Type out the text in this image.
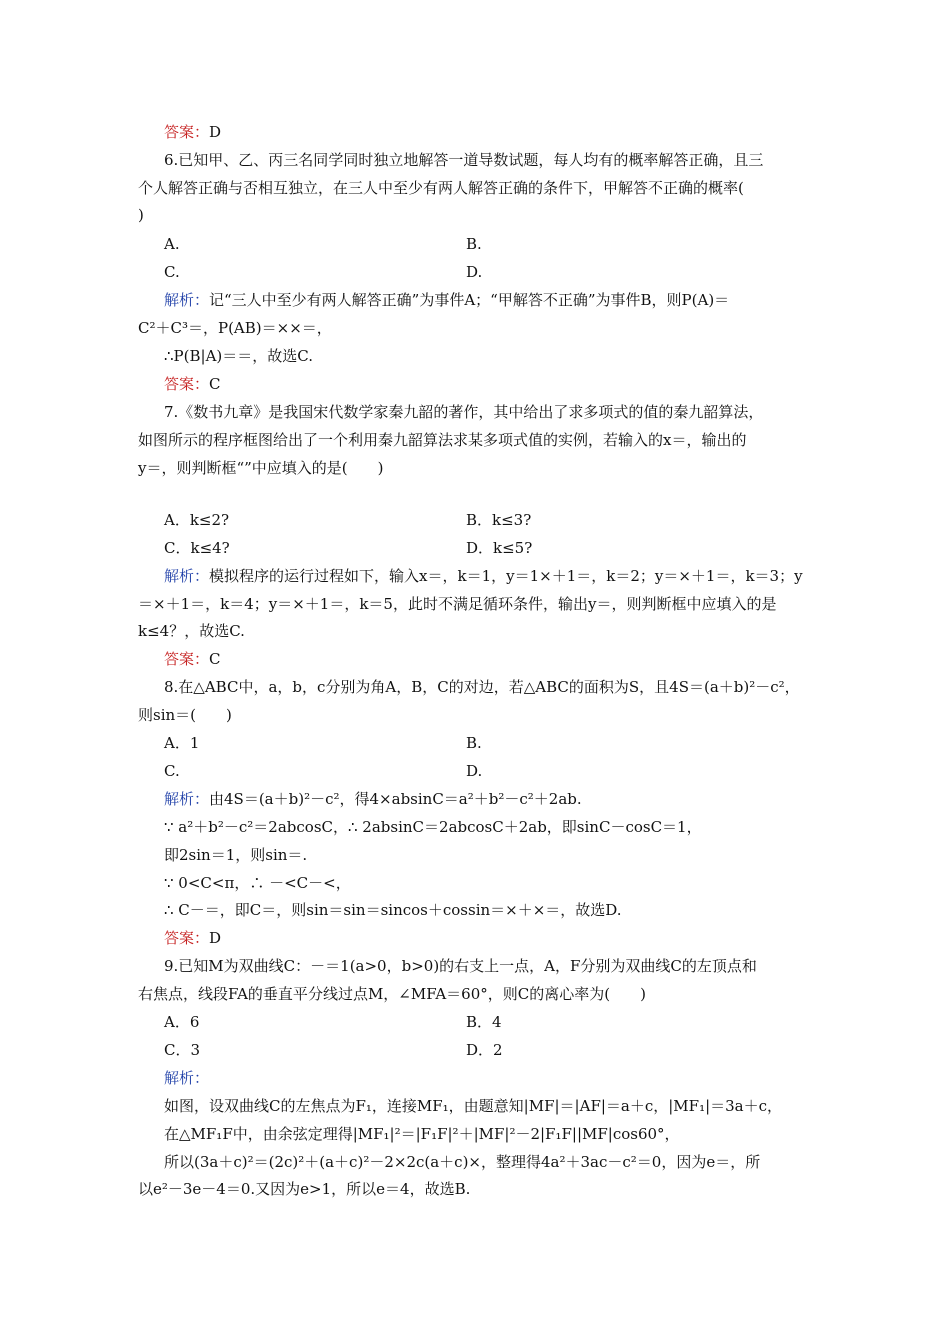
答案：D
6.已知甲、乙、丙三名同学同时独立地解答一道导数试题，每人均有的概率解答正确，且三
个人解答正确与否相互独立，在三人中至少有两人解答正确的条件下，甲解答不正确的概率(
)
A.	B.
C.	D.
解析：记“三人中至少有两人解答正确”为事件A；“甲解答不正确”为事件B，则P(A)＝
C²＋C³＝，P(AB)＝××＝，
∴P(B|A)＝＝，故选C.
答案：C
7.《数书九章》是我国宋代数学家秦九韶的著作，其中给出了求多项式的值的秦九韶算法，
如图所示的程序框图给出了一个利用秦九韶算法求某多项式值的实例，若输入的x＝，输出的
y＝，则判断框“”中应填入的是(　　)
A．k≤2?	B．k≤3?
C．k≤4?	D．k≤5?
解析：模拟程序的运行过程如下，输入x＝，k＝1，y＝1×＋1＝，k＝2；y＝×＋1＝，k＝3；y
＝×＋1＝，k＝4；y＝×＋1＝，k＝5，此时不满足循环条件，输出y＝，则判断框中应填入的是
k≤4？，故选C.
答案：C
8.在△ABC中，a，b，c分别为角A，B，C的对边，若△ABC的面积为S，且4S＝(a＋b)²－c²，
则sin＝(　　)
A．1	B.
C.	D.
解析：由4S＝(a＋b)²－c²，得4×absinC＝a²＋b²－c²＋2ab.
∵ a²＋b²－c²＝2abcosC，∴ 2absinC＝2abcosC＋2ab，即sinC－cosC＝1，
即2sin＝1，则sin＝.
∵ 0<C<π，∴ －<C－<，
∴ C－＝，即C＝，则sin＝sin＝sincos＋cossin＝×＋×＝，故选D.
答案：D
9.已知M为双曲线C：－＝1(a>0，b>0)的右支上一点，A，F分别为双曲线C的左顶点和
右焦点，线段FA的垂直平分线过点M，∠MFA＝60°，则C的离心率为(　　)
A．6	B．4
C．3	D．2
解析：
如图，设双曲线C的左焦点为F₁，连接MF₁，由题意知|MF|＝|AF|＝a＋c，|MF₁|＝3a＋c，
在△MF₁F中，由余弦定理得|MF₁|²＝|F₁F|²＋|MF|²－2|F₁F||MF|cos60°，
所以(3a＋c)²＝(2c)²＋(a＋c)²－2×2c(a＋c)×，整理得4a²＋3ac－c²＝0，因为e＝，所
以e²－3e－4＝0.又因为e>1，所以e＝4，故选B.
